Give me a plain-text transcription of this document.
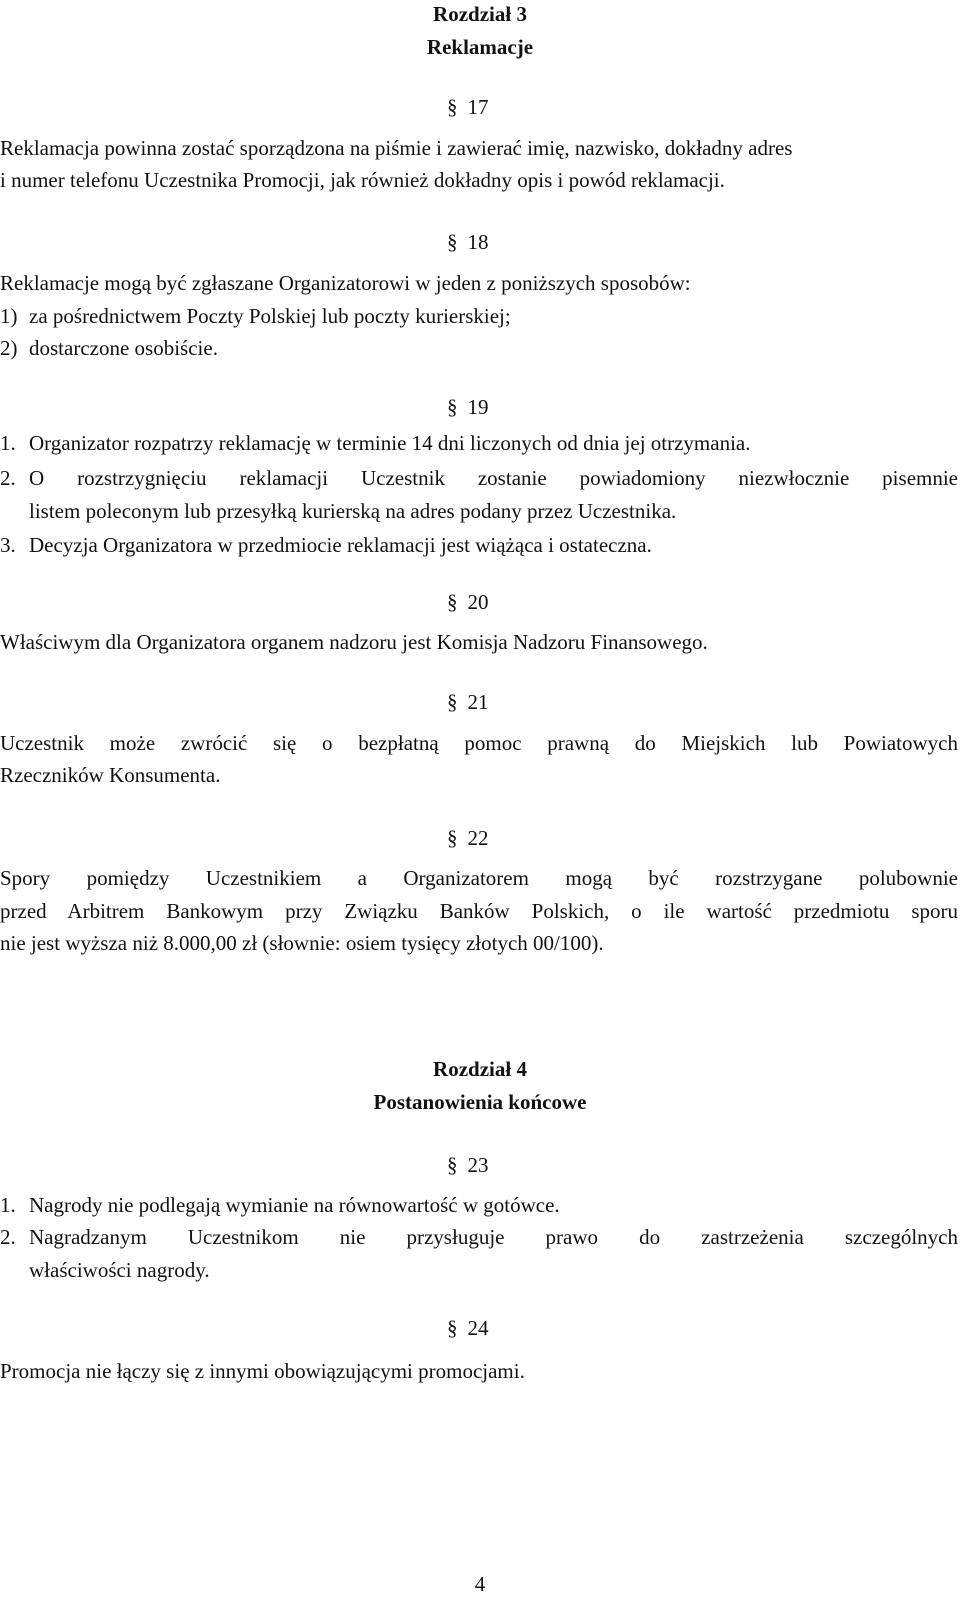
Rozdział 3
Reklamacje
§ 17
Reklamacja powinna zostać sporządzona na piśmie i zawierać imię, nazwisko, dokładny adres
i numer telefonu Uczestnika Promocji, jak również dokładny opis i powód reklamacji.
§ 18
Reklamacje mogą być zgłaszane Organizatorowi w jeden z poniższych sposobów:
1) za pośrednictwem Poczty Polskiej lub poczty kurierskiej;
2) dostarczone osobiście.
§ 19
1. Organizator rozpatrzy reklamację w terminie 14 dni liczonych od dnia jej otrzymania.
2. O rozstrzygnięciu reklamacji Uczestnik zostanie powiadomiony niezwłocznie pisemnie
listem poleconym lub przesyłką kurierską na adres podany przez Uczestnika.
3. Decyzja Organizatora w przedmiocie reklamacji jest wiążąca i ostateczna.
§ 20
Właściwym dla Organizatora organem nadzoru jest Komisja Nadzoru Finansowego.
§ 21
Uczestnik może zwrócić się o bezpłatną pomoc prawną do Miejskich lub Powiatowych
Rzeczników Konsumenta.
§ 22
Spory pomiędzy Uczestnikiem a Organizatorem mogą być rozstrzygane polubownie
przed Arbitrem Bankowym przy Związku Banków Polskich, o ile wartość przedmiotu sporu
nie jest wyższa niż 8.000,00 zł (słownie: osiem tysięcy złotych 00/100).
Rozdział 4
Postanowienia końcowe
§ 23
1. Nagrody nie podlegają wymianie na równowartość w gotówce.
2. Nagradzanym Uczestnikom nie przysługuje prawo do zastrzeżenia szczególnych
właściwości nagrody.
§ 24
Promocja nie łączy się z innymi obowiązującymi promocjami.
4
